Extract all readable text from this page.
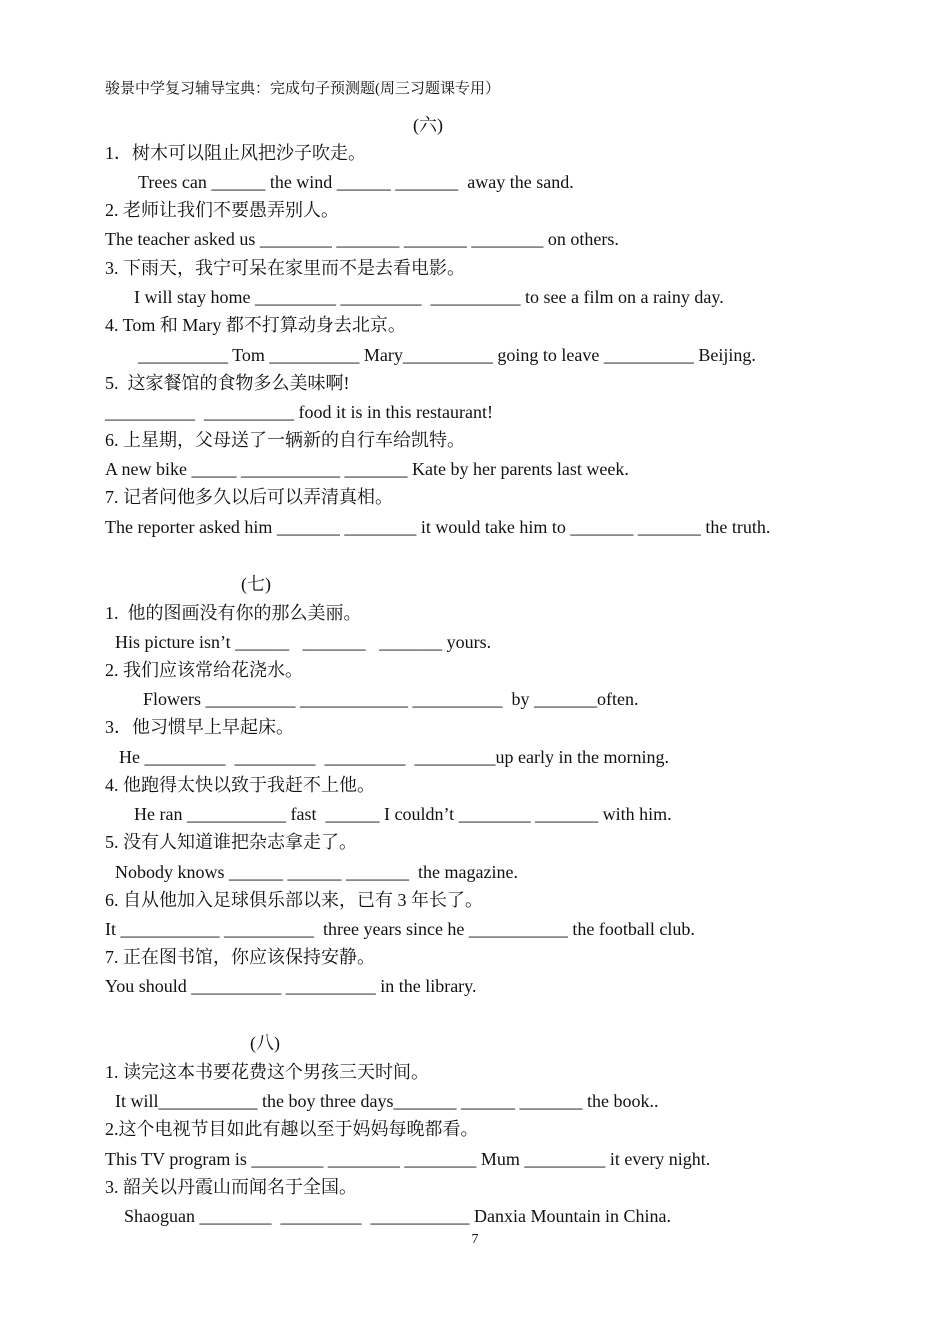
骏景中学复习辅导宝典：完成句子预测题(周三习题课专用）
(六)
1．树木可以阻止风把沙子吹走。
Trees can ______ the wind ______ _______  away the sand.
2. 老师让我们不要愚弄别人。
The teacher asked us ________ _______ _______ ________ on others.
3. 下雨天，我宁可呆在家里而不是去看电影。
I will stay home _________ _________  __________ to see a film on a rainy day.
4. Tom 和 Mary 都不打算动身去北京。
__________ Tom __________ Mary__________ going to leave __________ Beijing.
5.  这家餐馆的食物多么美味啊!
__________  __________ food it is in this restaurant!
6. 上星期，父母送了一辆新的自行车给凯特。
A new bike _____ ___________ _______ Kate by her parents last week.
7. 记者问他多久以后可以弄清真相。
The reporter asked him _______ ________ it would take him to _______ _______ the truth.
(七)
1.  他的图画没有你的那么美丽。
His picture isn’t ______   _______   _______ yours.
2. 我们应该常给花浇水。
Flowers __________ ____________ __________  by _______often.
3．他习惯早上早起床。
He _________  _________  _________  _________up early in the morning.
4. 他跑得太快以致于我赶不上他。
He ran ___________ fast  ______ I couldn’t ________ _______ with him.
5. 没有人知道谁把杂志拿走了。
Nobody knows ______ ______ _______  the magazine.
6. 自从他加入足球俱乐部以来，已有 3 年长了。
It ___________ __________  three years since he ___________ the football club.
7. 正在图书馆，你应该保持安静。
You should __________ __________ in the library.
(八)
1. 读完这本书要花费这个男孩三天时间。
It will___________ the boy three days_______ ______ _______ the book..
2.这个电视节目如此有趣以至于妈妈每晚都看。
This TV program is ________ ________ ________ Mum _________ it every night.
3. 韶关以丹霞山而闻名于全国。
Shaoguan ________  _________  ___________ Danxia Mountain in China.
7
